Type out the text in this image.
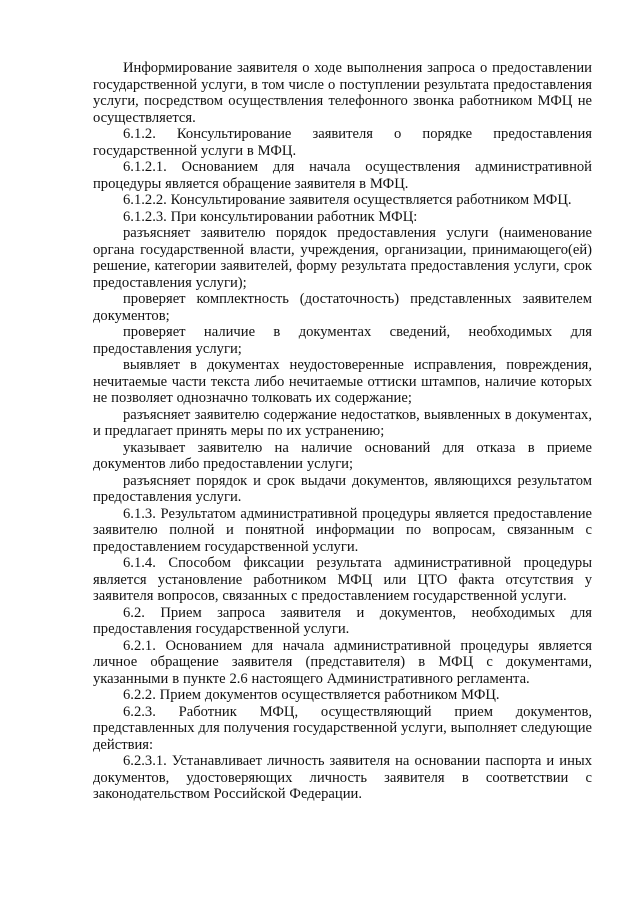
Информирование заявителя о ходе выполнения запроса о предоставлении государственной услуги, в том числе о поступлении результата предоставления услуги, посредством осуществления телефонного звонка работником МФЦ не осуществляется.

6.1.2. Консультирование заявителя о порядке предоставления государственной услуги в МФЦ.

6.1.2.1. Основанием для начала осуществления административной процедуры является обращение заявителя в МФЦ.

6.1.2.2. Консультирование заявителя осуществляется работником МФЦ.

6.1.2.3. При консультировании работник МФЦ:

разъясняет заявителю порядок предоставления услуги (наименование органа государственной власти, учреждения, организации, принимающего(ей) решение, категории заявителей, форму результата предоставления услуги, срок предоставления услуги);

проверяет комплектность (достаточность) представленных заявителем документов;

проверяет наличие в документах сведений, необходимых для предоставления услуги;

выявляет в документах неудостоверенные исправления, повреждения, нечитаемые части текста либо нечитаемые оттиски штампов, наличие которых не позволяет однозначно толковать их содержание;

разъясняет заявителю содержание недостатков, выявленных в документах, и предлагает принять меры по их устранению;

указывает заявителю на наличие оснований для отказа в приеме документов либо предоставлении услуги;

разъясняет порядок и срок выдачи документов, являющихся результатом предоставления услуги.

6.1.3. Результатом административной процедуры является предоставление заявителю полной и понятной информации по вопросам, связанным с предоставлением государственной услуги.

6.1.4. Способом фиксации результата административной процедуры является установление работником МФЦ или ЦТО факта отсутствия у заявителя вопросов, связанных с предоставлением государственной услуги.

6.2. Прием запроса заявителя и документов, необходимых для предоставления государственной услуги.

6.2.1. Основанием для начала административной процедуры является личное обращение заявителя (представителя) в МФЦ с документами, указанными в пункте 2.6 настоящего Административного регламента.

6.2.2. Прием документов осуществляется работником МФЦ.

6.2.3. Работник МФЦ, осуществляющий прием документов, представленных для получения государственной услуги, выполняет следующие действия:

6.2.3.1. Устанавливает личность заявителя на основании паспорта и иных документов, удостоверяющих личность заявителя в соответствии с законодательством Российской Федерации.
